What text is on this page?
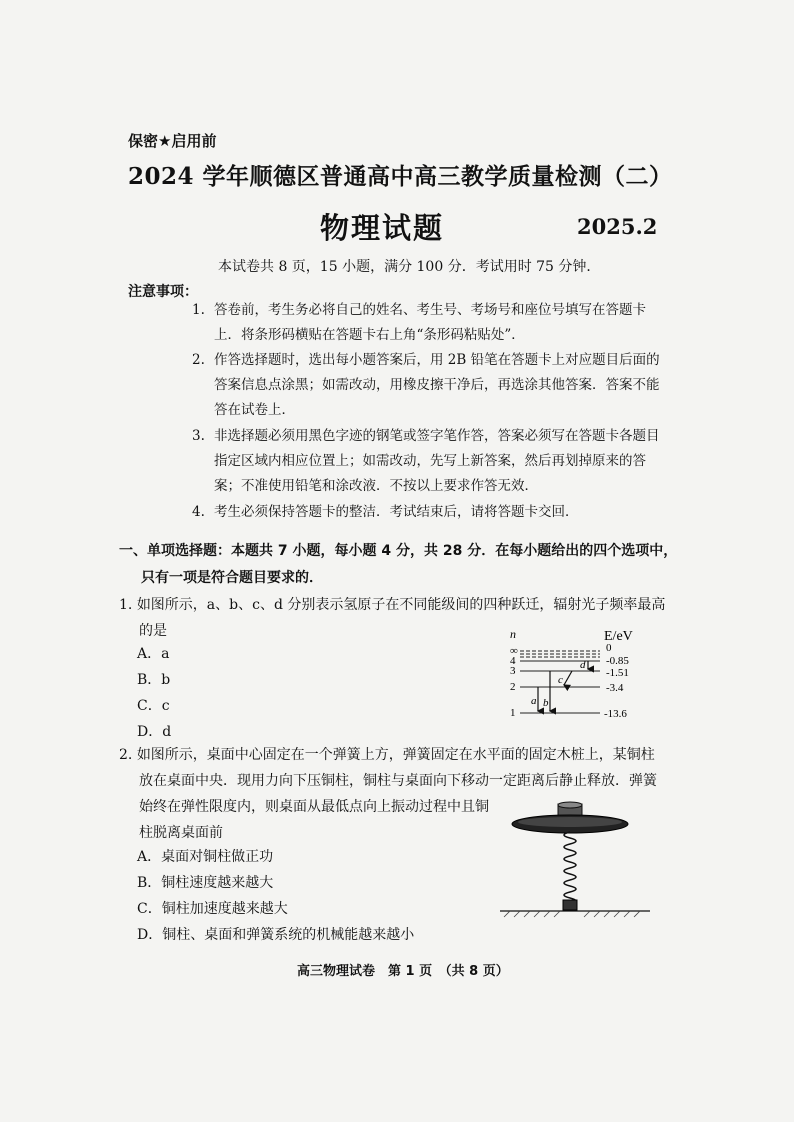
保密★启用前
2024 学年顺德区普通高中高三教学质量检测（二）
物理试题	2025.2
本试卷共 8 页，15 小题，满分 100 分．考试用时 75 分钟．
注意事项：
1. 答卷前，考生务必将自己的姓名、考生号、考场号和座位号填写在答题卡上．将条形码横贴在答题卡右上角“条形码粘贴处”．
2. 作答选择题时，选出每小题答案后，用 2B 铅笔在答题卡上对应题目后面的答案信息点涂黑；如需改动，用橡皮擦干净后，再选涂其他答案．答案不能答在试卷上．
3. 非选择题必须用黑色字迹的钢笔或签字笔作答，答案必须写在答题卡各题目指定区域内相应位置上；如需改动，先写上新答案，然后再划掉原来的答案；不准使用铅笔和涂改液．不按以上要求作答无效．
4. 考生必须保持答题卡的整洁．考试结束后，请将答题卡交回．
一、单项选择题：本题共 7 小题，每小题 4 分，共 28 分．在每小题给出的四个选项中，
只有一项是符合题目要求的．
1. 如图所示，a、b、c、d 分别表示氢原子在不同能级间的四种跃迁，辐射光子频率最高
的是
A．a
B．b
C．c
D．d
n	E/eV
∞
4
3
2
1
0
-0.85
-1.51
-3.4
-13.6
a b
c
d
2. 如图所示，桌面中心固定在一个弹簧上方，弹簧固定在水平面的固定木桩上，某铜柱
放在桌面中央．现用力向下压铜柱，铜柱与桌面向下移动一定距离后静止释放．弹簧
始终在弹性限度内，则桌面从最低点向上振动过程中且铜
柱脱离桌面前
A．桌面对铜柱做正功
B．铜柱速度越来越大
C．铜柱加速度越来越大
D．铜柱、桌面和弹簧系统的机械能越来越小
高三物理试卷　第 1 页　（共 8 页）
